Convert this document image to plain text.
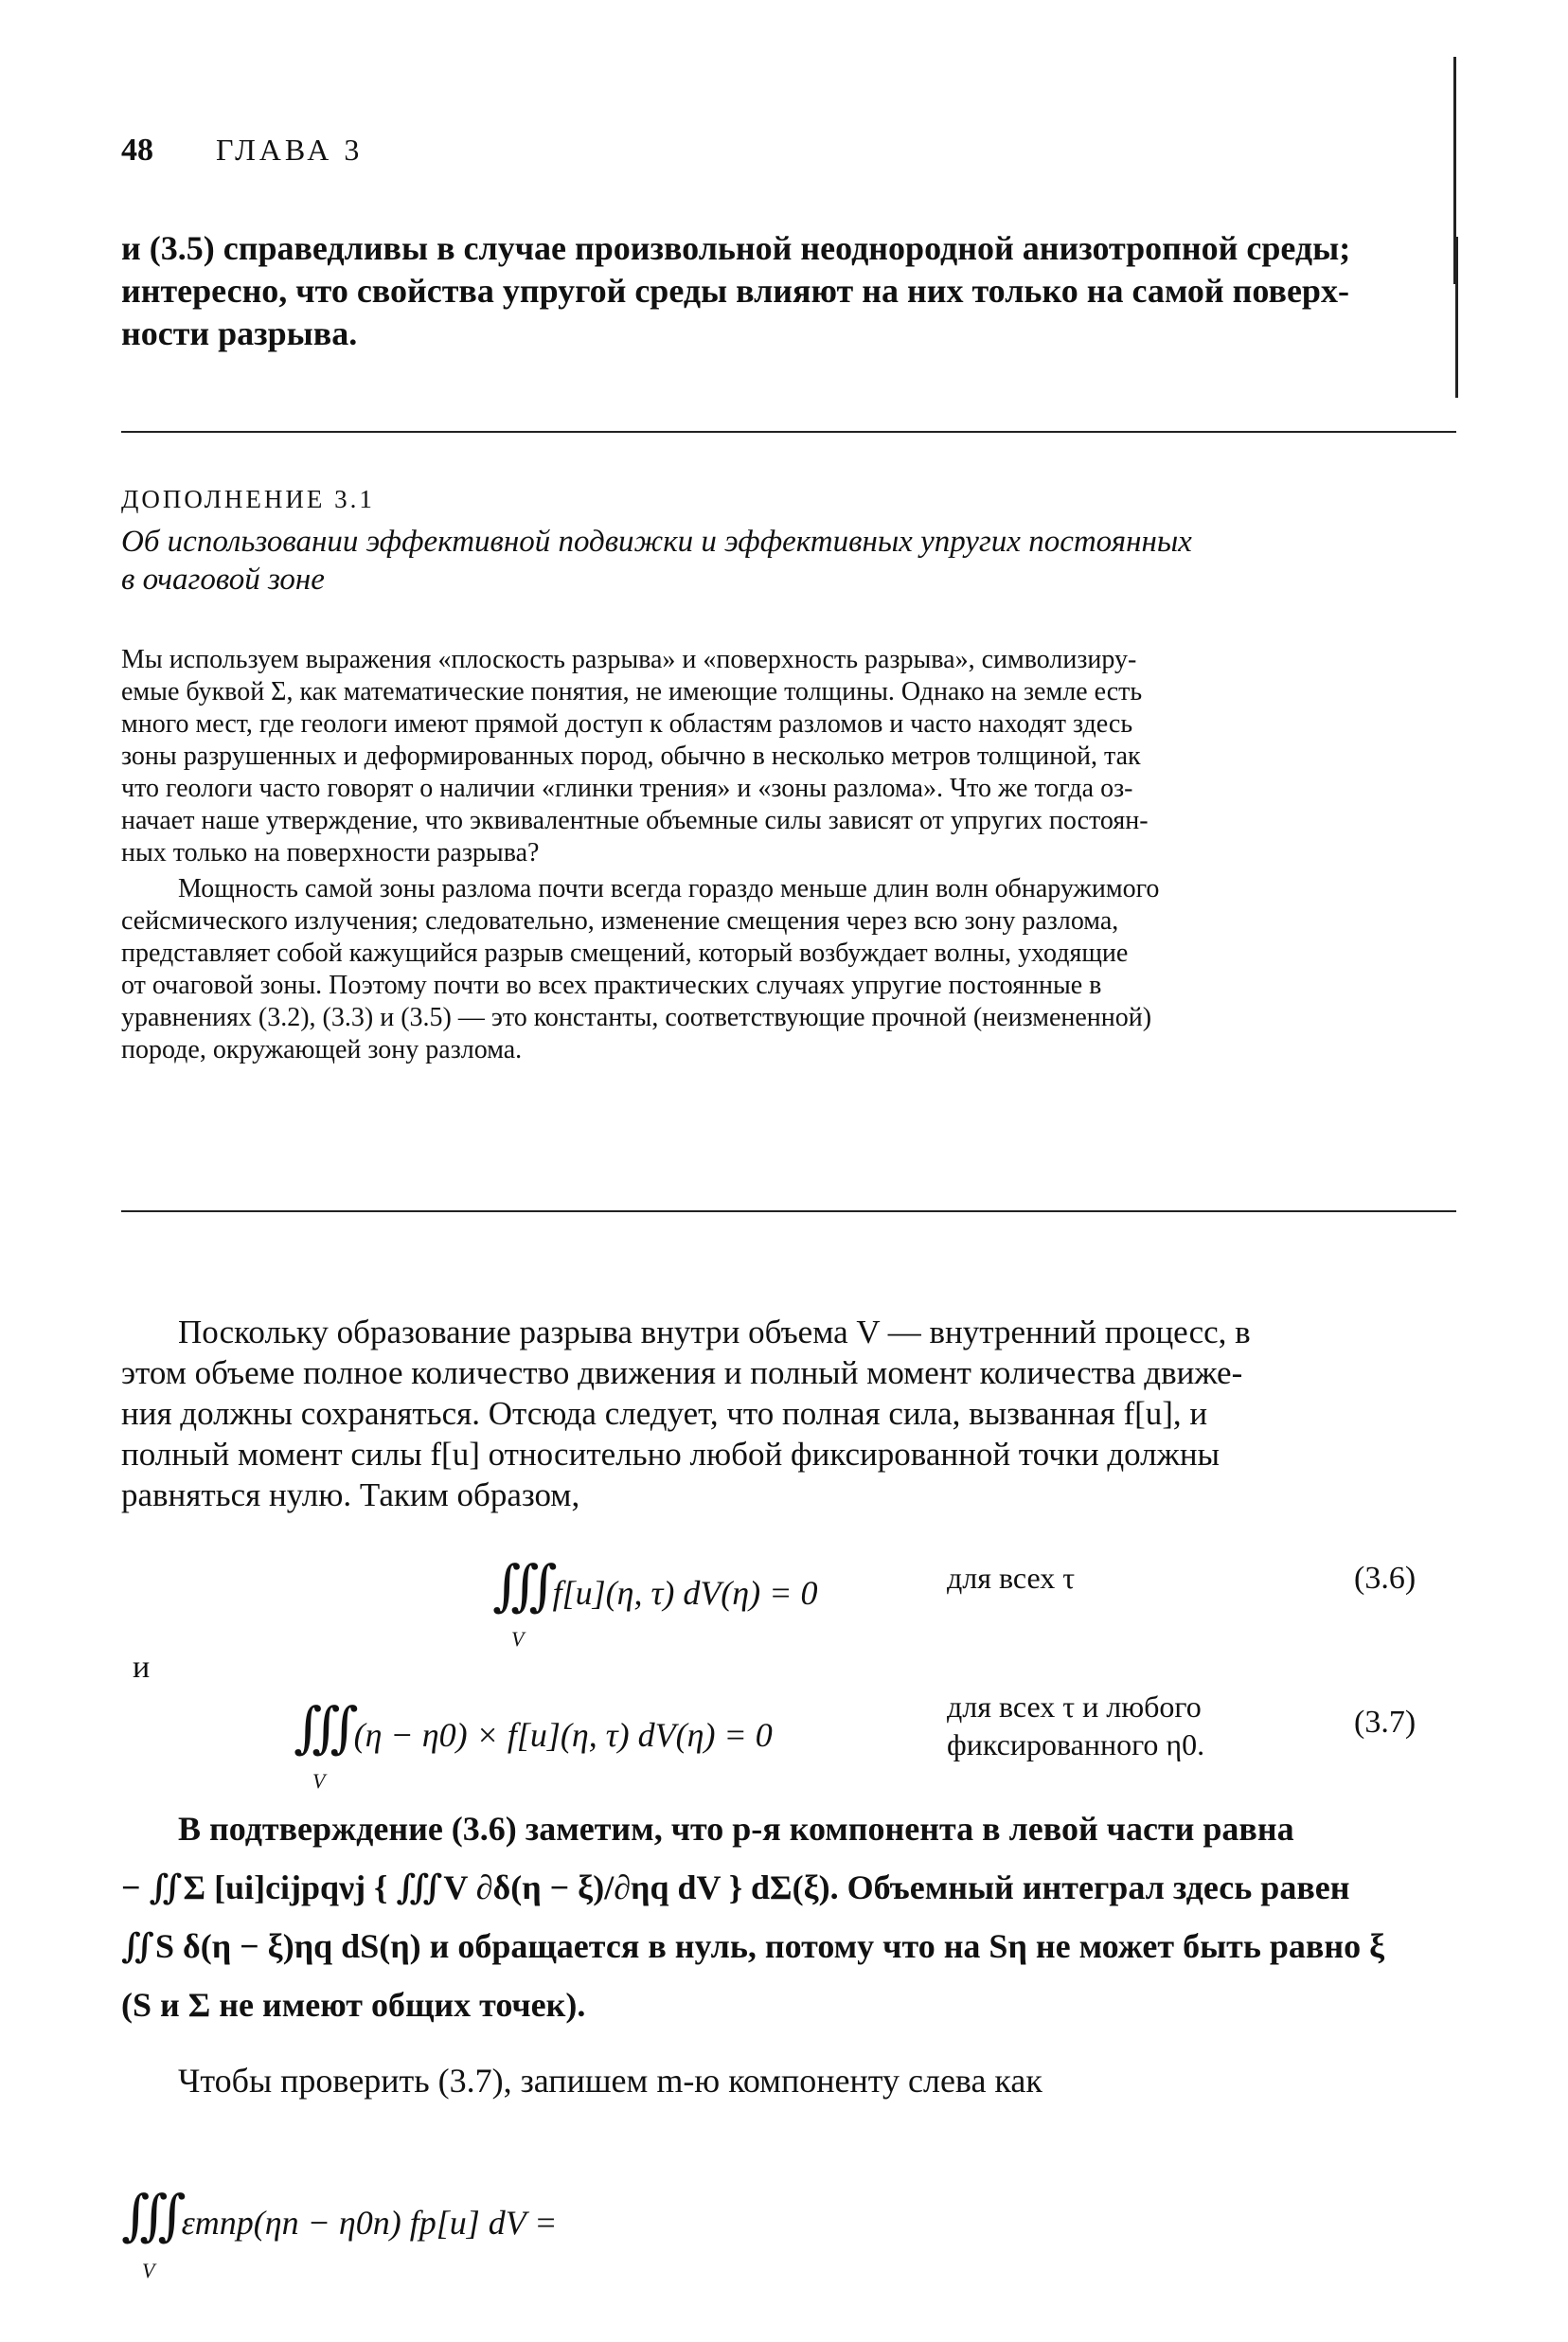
48 ГЛАВА 3
и (3.5) справедливы в случае произвольной неоднородной анизотропной среды;
интересно, что свойства упругой среды влияют на них только на самой поверх-
ности разрыва.
ДОПОЛНЕНИЕ 3.1
Об использовании эффективной подвижки и эффективных упругих постоянных
в очаговой зоне
Мы используем выражения «плоскость разрыва» и «поверхность разрыва», символизиру-
емые буквой Σ, как математические понятия, не имеющие толщины. Однако на земле есть
много мест, где геологи имеют прямой доступ к областям разломов и часто находят здесь
зоны разрушенных и деформированных пород, обычно в несколько метров толщиной, так
что геологи часто говорят о наличии «глинки трения» и «зоны разлома». Что же тогда оз-
начает наше утверждение, что эквивалентные объемные силы зависят от упругих постоян-
ных только на поверхности разрыва?
Мощность самой зоны разлома почти всегда гораздо меньше длин волн обнаружимого
сейсмического излучения; следовательно, изменение смещения через всю зону разлома,
представляет собой кажущийся разрыв смещений, который возбуждает волны, уходящие
от очаговой зоны. Поэтому почти во всех практических случаях упругие постоянные в
уравнениях (3.2), (3.3) и (3.5) — это константы, соответствующие прочной (неизмененной)
породе, окружающей зону разлома.
Поскольку образование разрыва внутри объема V — внутренний процесс, в
этом объеме полное количество движения и полный момент количества движе-
ния должны сохраняться. Отсюда следует, что полная сила, вызванная f[u], и
полный момент силы f[u] относительно любой фиксированной точки должны
равняться нулю. Таким образом,
∭ f[u](η, τ) dV(η) = 0
V
для всех τ	(3.6)
и
∭ (η − η0) × f[u](η, τ) dV(η) = 0
V
для всех τ и любого
фиксированного η0.
(3.7)
В подтверждение (3.6) заметим, что p-я компонента в левой части равна
− ∬Σ [ui]cijpqνj { ∭V ∂δ(η − ξ)/∂ηq dV } dΣ(ξ). Объемный интеграл здесь равен
∬S δ(η − ξ)ηq dS(η) и обращается в нуль, потому что на Sη не может быть равно ξ
(S и Σ не имеют общих точек).
Чтобы проверить (3.7), запишем m-ю компоненту слева как
∭ εmnp(ηn − η0n) fp[u] dV =
V
